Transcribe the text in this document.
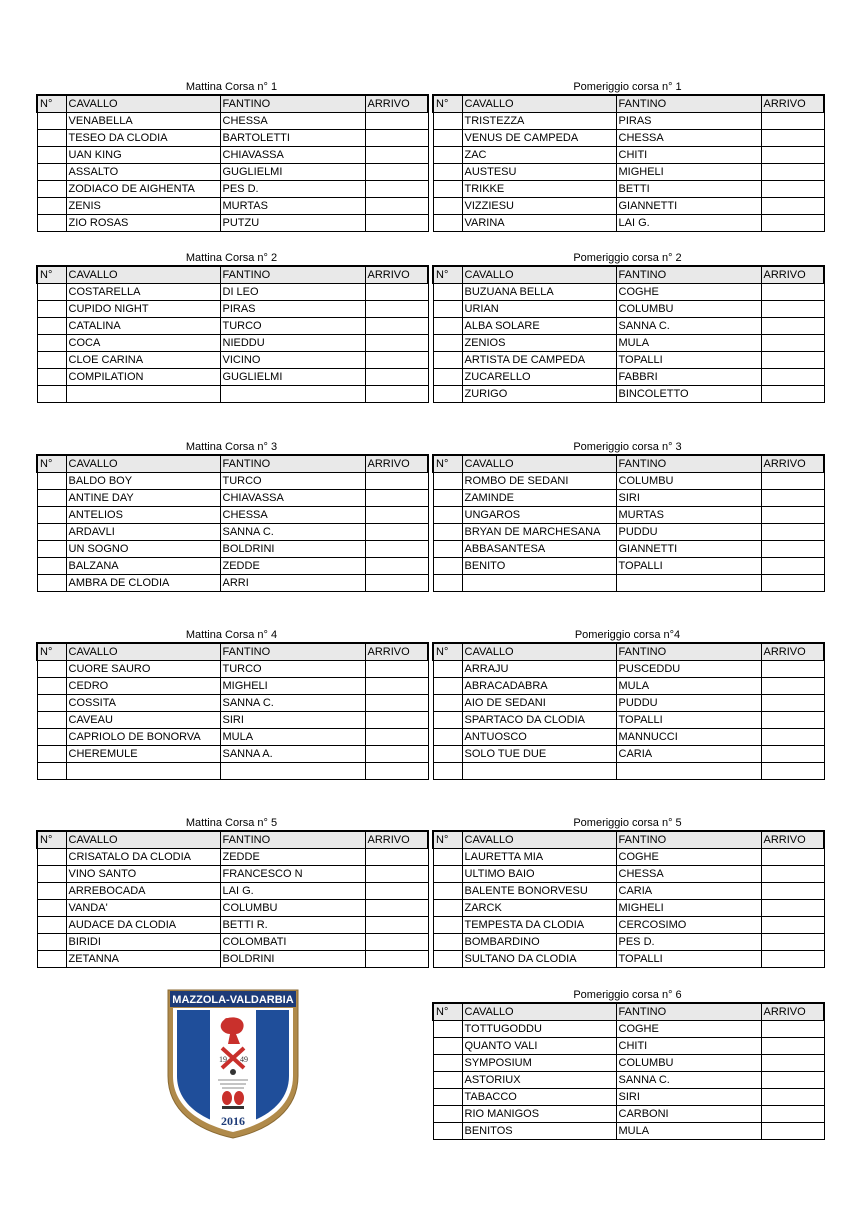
Mattina Corsa n° 1
N°	CAVALLO	FANTINO	ARRIVO
	VENABELLA	CHESSA	
	TESEO DA CLODIA	BARTOLETTI	
	UAN KING	CHIAVASSA	
	ASSALTO	GUGLIELMI	
	ZODIACO DE AIGHENTA	PES D.	
	ZENIS	MURTAS	
	ZIO ROSAS	PUTZU	
Pomeriggio corsa n° 1
N°	CAVALLO	FANTINO	ARRIVO
	TRISTEZZA	PIRAS	
	VENUS DE CAMPEDA	CHESSA	
	ZAC	CHITI	
	AUSTESU	MIGHELI	
	TRIKKE	BETTI	
	VIZZIESU	GIANNETTI	
	VARINA	LAI G.	
Mattina Corsa n° 2
N°	CAVALLO	FANTINO	ARRIVO
	COSTARELLA	DI LEO	
	CUPIDO NIGHT	PIRAS	
	CATALINA	TURCO	
	COCA	NIEDDU	
	CLOE CARINA	VICINO	
	COMPILATION	GUGLIELMI	

Pomeriggio corsa n° 2
N°	CAVALLO	FANTINO	ARRIVO
	BUZUANA BELLA	COGHE	
	URIAN	COLUMBU	
	ALBA SOLARE	SANNA C.	
	ZENIOS	MULA	
	ARTISTA DE CAMPEDA	TOPALLI	
	ZUCARELLO	FABBRI	
	ZURIGO	BINCOLETTO	
Mattina Corsa n° 3
N°	CAVALLO	FANTINO	ARRIVO
	BALDO BOY	TURCO	
	ANTINE DAY	CHIAVASSA	
	ANTELIOS	CHESSA	
	ARDAVLI	SANNA C.	
	UN SOGNO	BOLDRINI	
	BALZANA	ZEDDE	
	AMBRA DE CLODIA	ARRI	
Pomeriggio corsa n° 3
N°	CAVALLO	FANTINO	ARRIVO
	ROMBO DE SEDANI	COLUMBU	
	ZAMINDE	SIRI	
	UNGAROS	MURTAS	
	BRYAN DE MARCHESANA	PUDDU	
	ABBASANTESA	GIANNETTI	
	BENITO	TOPALLI	

Mattina Corsa n° 4
N°	CAVALLO	FANTINO	ARRIVO
	CUORE SAURO	TURCO	
	CEDRO	MIGHELI	
	COSSITA	SANNA C.	
	CAVEAU	SIRI	
	CAPRIOLO DE BONORVA	MULA	
	CHEREMULE	SANNA A.	

Pomeriggio corsa n°4
N°	CAVALLO	FANTINO	ARRIVO
	ARRAJU	PUSCEDDU	
	ABRACADABRA	MULA	
	AIO DE SEDANI	PUDDU	
	SPARTACO DA CLODIA	TOPALLI	
	ANTUOSCO	MANNUCCI	
	SOLO TUE DUE	CARIA	

Mattina Corsa n° 5
N°	CAVALLO	FANTINO	ARRIVO
	CRISATALO DA CLODIA	ZEDDE	
	VINO SANTO	FRANCESCO N	
	ARREBOCADA	LAI G.	
	VANDA'	COLUMBU	
	AUDACE DA CLODIA	BETTI R.	
	BIRIDI	COLOMBATI	
	ZETANNA	BOLDRINI	
Pomeriggio corsa n° 5
N°	CAVALLO	FANTINO	ARRIVO
	LAURETTA MIA	COGHE	
	ULTIMO BAIO	CHESSA	
	BALENTE BONORVESU	CARIA	
	ZARCK	MIGHELI	
	TEMPESTA DA CLODIA	CERCOSIMO	
	BOMBARDINO	PES D.	
	SULTANO DA CLODIA	TOPALLI	
Pomeriggio corsa n° 6
N°	CAVALLO	FANTINO	ARRIVO
	TOTTUGODDU	COGHE	
	QUANTO VALI	CHITI	
	SYMPOSIUM	COLUMBU	
	ASTORIUX	SANNA C.	
	TABACCO	SIRI	
	RIO MANIGOS	CARBONI	
	BENITOS	MULA	
MAZZOLA-VALDARBIA
19 49
2016
